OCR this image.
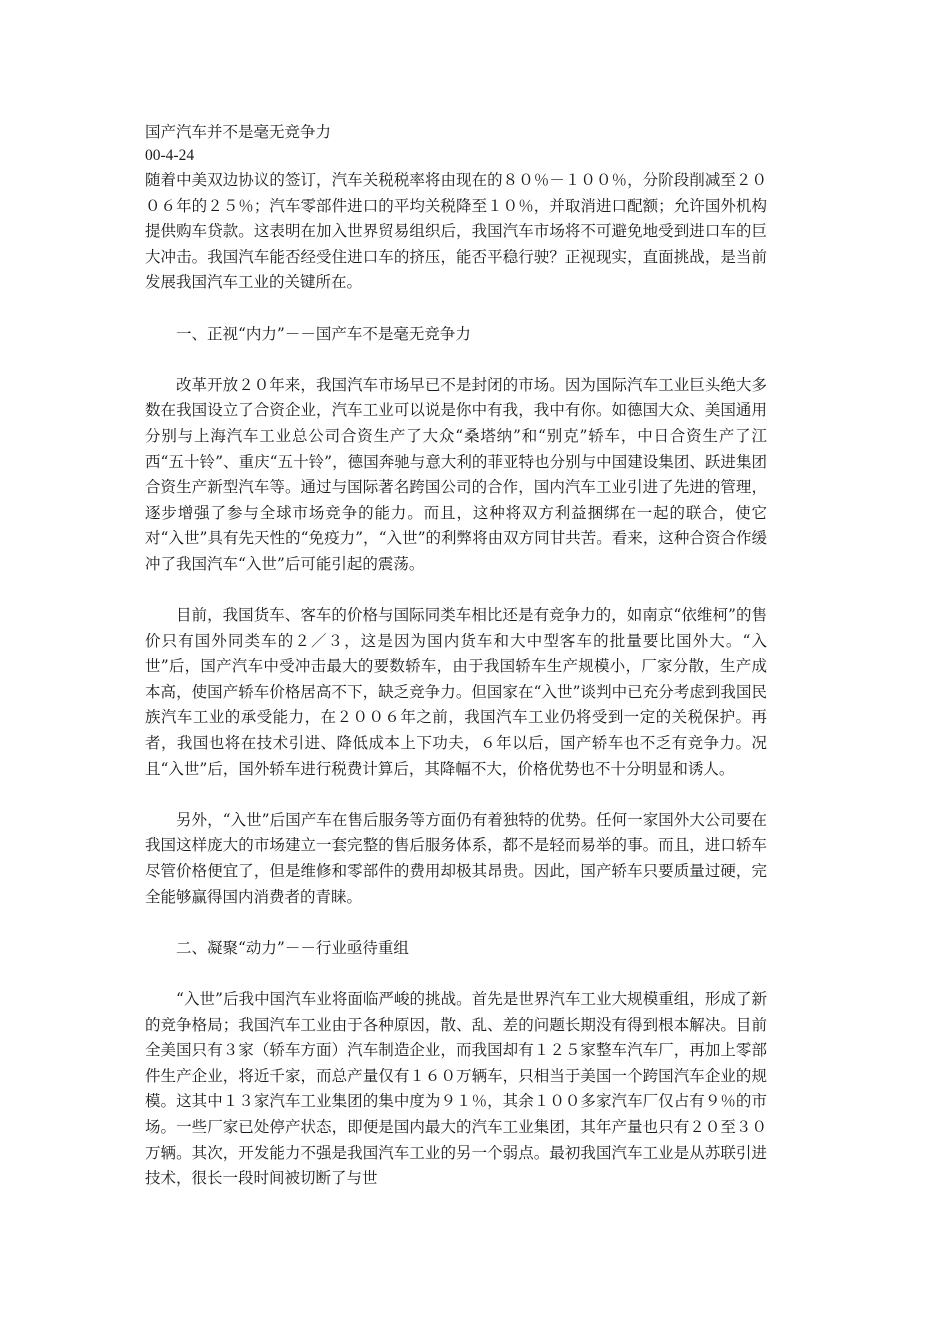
国产汽车并不是毫无竞争力

00-4-24

随着中美双边协议的签订，汽车关税税率将由现在的８０％－１００％，分阶段削减至２００６年的２５％；汽车零部件进口的平均关税降至１０％，并取消进口配额；允许国外机构提供购车贷款。这表明在加入世界贸易组织后，我国汽车市场将不可避免地受到进口车的巨大冲击。我国汽车能否经受住进口车的挤压，能否平稳行驶？正视现实，直面挑战，是当前发展我国汽车工业的关键所在。

一、正视“内力”－－国产车不是毫无竞争力

改革开放２０年来，我国汽车市场早已不是封闭的市场。因为国际汽车工业巨头绝大多数在我国设立了合资企业，汽车工业可以说是你中有我，我中有你。如德国大众、美国通用分别与上海汽车工业总公司合资生产了大众“桑塔纳”和“别克”轿车，中日合资生产了江西“五十铃”、重庆“五十铃”，德国奔驰与意大利的菲亚特也分别与中国建设集团、跃进集团合资生产新型汽车等。通过与国际著名跨国公司的合作，国内汽车工业引进了先进的管理，逐步增强了参与全球市场竞争的能力。而且，这种将双方利益捆绑在一起的联合，使它对“入世”具有先天性的“免疫力”，“入世”的利弊将由双方同甘共苦。看来，这种合资合作缓冲了我国汽车“入世”后可能引起的震荡。

目前，我国货车、客车的价格与国际同类车相比还是有竞争力的，如南京“依维柯”的售价只有国外同类车的２／３，这是因为国内货车和大中型客车的批量要比国外大。“入世”后，国产汽车中受冲击最大的要数轿车，由于我国轿车生产规模小，厂家分散，生产成本高，使国产轿车价格居高不下，缺乏竞争力。但国家在“入世”谈判中已充分考虑到我国民族汽车工业的承受能力，在２００６年之前，我国汽车工业仍将受到一定的关税保护。再者，我国也将在技术引进、降低成本上下功夫，６年以后，国产轿车也不乏有竞争力。况且“入世”后，国外轿车进行税费计算后，其降幅不大，价格优势也不十分明显和诱人。

另外，“入世”后国产车在售后服务等方面仍有着独特的优势。任何一家国外大公司要在我国这样庞大的市场建立一套完整的售后服务体系，都不是轻而易举的事。而且，进口轿车尽管价格便宜了，但是维修和零部件的费用却极其昂贵。因此，国产轿车只要质量过硬，完全能够赢得国内消费者的青睐。

二、凝聚“动力”－－行业亟待重组

“入世”后我中国汽车业将面临严峻的挑战。首先是世界汽车工业大规模重组，形成了新的竞争格局；我国汽车工业由于各种原因，散、乱、差的问题长期没有得到根本解决。目前全美国只有３家（轿车方面）汽车制造企业，而我国却有１２５家整车汽车厂，再加上零部件生产企业，将近千家，而总产量仅有１６０万辆车，只相当于美国一个跨国汽车企业的规模。这其中１３家汽车工业集团的集中度为９１％，其余１００多家汽车厂仅占有９％的市场。一些厂家已处停产状态，即便是国内最大的汽车工业集团，其年产量也只有２０至３０万辆。其次，开发能力不强是我国汽车工业的另一个弱点。最初我国汽车工业是从苏联引进技术，很长一段时间被切断了与世
